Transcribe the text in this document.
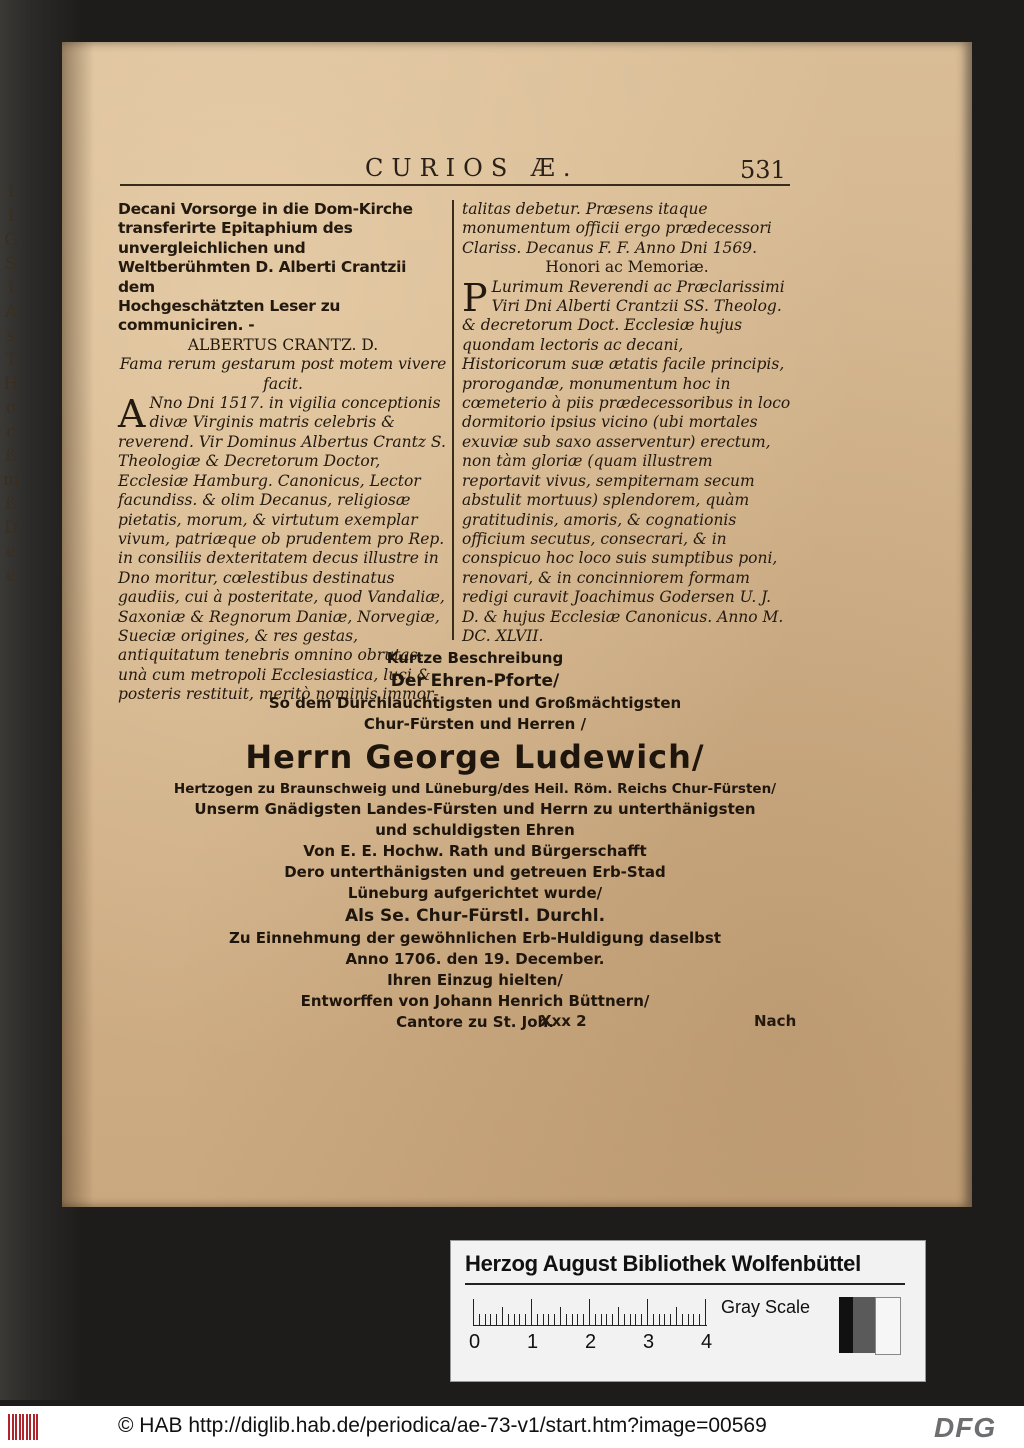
I
I
G
S
I
A
s
T
H
o
c
ß
m
ß
D
e
e
CURIOS Æ.	531

Decani Vorsorge in die Dom-Kirche transferirte Epitaphium des unvergleichlichen und

Weltberühmten D. Alberti Crantzii dem

Hochgeschätzten Leser zu communiciren. -

ALBERTUS CRANTZ. D.

Fama rerum gestarum post motem vivere facit.

A Nno Dni 1517. in vigilia conceptionis divæ Virginis matris celebris & reverend. Vir Dominus Albertus Crantz S. Theologiæ & Decretorum Doctor, Ecclesiæ Hamburg. Canonicus, Lector facundiss. & olim Decanus, religiosæ pietatis, morum, & virtutum exemplar vivum, patriæque ob prudentem pro Rep. in consiliis dexteritatem decus illustre in Dno moritur, cœlestibus destinatus gaudiis, cui à posteritate, quod Vandaliæ, Saxoniæ & Regnorum Daniæ, Norvegiæ, Sueciæ origines, & res gestas, antiquitatum tenebris omnino obrutas, unà cum metropoli Ecclesiastica, luci & posteris restituit, meritò nominis immor-

talitas debetur. Præsens itaque monumentum officii ergo prædecessori Clariss. Decanus F. F. Anno Dni 1569.

Honori ac Memoriæ.

P Lurimum Reverendi ac Præclarissimi Viri Dni Alberti Crantzii SS. Theolog. & decretorum Doct. Ecclesiæ hujus quondam lectoris ac decani, Historicorum suæ ætatis facile principis, prorogandæ, monumentum hoc in cœmeterio à piis prædecessoribus in loco dormitorio ipsius vicino (ubi mortales exuviæ sub saxo asserventur) erectum, non tàm gloriæ (quam illustrem reportavit vivus, sempiternam secum abstulit mortuus) splendorem, quàm gratitudinis, amoris, & cognationis officium secutus, consecrari, & in conspicuo hoc loco suis sumptibus poni, renovari, & in concinniorem formam redigi curavit Joachimus Godersen U. J. D. & hujus Ecclesiæ Canonicus. Anno M. DC. XLVII.

Kurtze Beschreibung

Der Ehren-Pforte/

So dem Durchlauchtigsten und Großmächtigsten

Chur-Fürsten und Herren /

Herrn George Ludewich/

Hertzogen zu Braunschweig und Lüneburg/des Heil. Röm. Reichs Chur-Fürsten/

Unserm Gnädigsten Landes-Fürsten und Herrn zu unterthänigsten

und schuldigsten Ehren

Von E. E. Hochw. Rath und Bürgerschafft

Dero unterthänigsten und getreuen Erb-Stad

Lüneburg aufgerichtet wurde/

Als Se. Chur-Fürstl. Durchl.

Zu Einnehmung der gewöhnlichen Erb-Huldigung daselbst

Anno 1706. den 19. December.

Ihren Einzug hielten/

Entworffen von Johann Henrich Büttnern/

Cantore zu St. Joh.

Xxx 2	Nach
Herzog August Bibliothek Wolfenbüttel
0 1 2 3 4
Gray Scale
© HAB http://diglib.hab.de/periodica/ae-73-v1/start.htm?image=00569	DFG
